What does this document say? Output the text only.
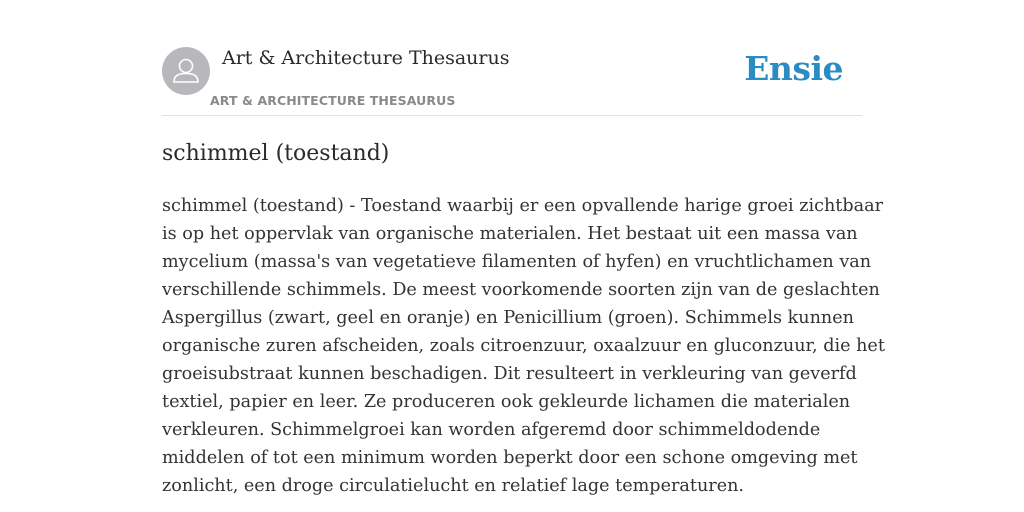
Art & Architecture Thesaurus
ART & ARCHITECTURE THESAURUS
Ensie
schimmel (toestand)

schimmel (toestand) - Toestand waarbij er een opvallende harige groei zichtbaar
is op het oppervlak van organische materialen. Het bestaat uit een massa van
mycelium (massa's van vegetatieve filamenten of hyfen) en vruchtlichamen van
verschillende schimmels. De meest voorkomende soorten zijn van de geslachten
Aspergillus (zwart, geel en oranje) en Penicillium (groen). Schimmels kunnen
organische zuren afscheiden, zoals citroenzuur, oxaalzuur en gluconzuur, die het
groeisubstraat kunnen beschadigen. Dit resulteert in verkleuring van geverfd
textiel, papier en leer. Ze produceren ook gekleurde lichamen die materialen
verkleuren. Schimmelgroei kan worden afgeremd door schimmeldodende
middelen of tot een minimum worden beperkt door een schone omgeving met
zonlicht, een droge circulatielucht en relatief lage temperaturen.
